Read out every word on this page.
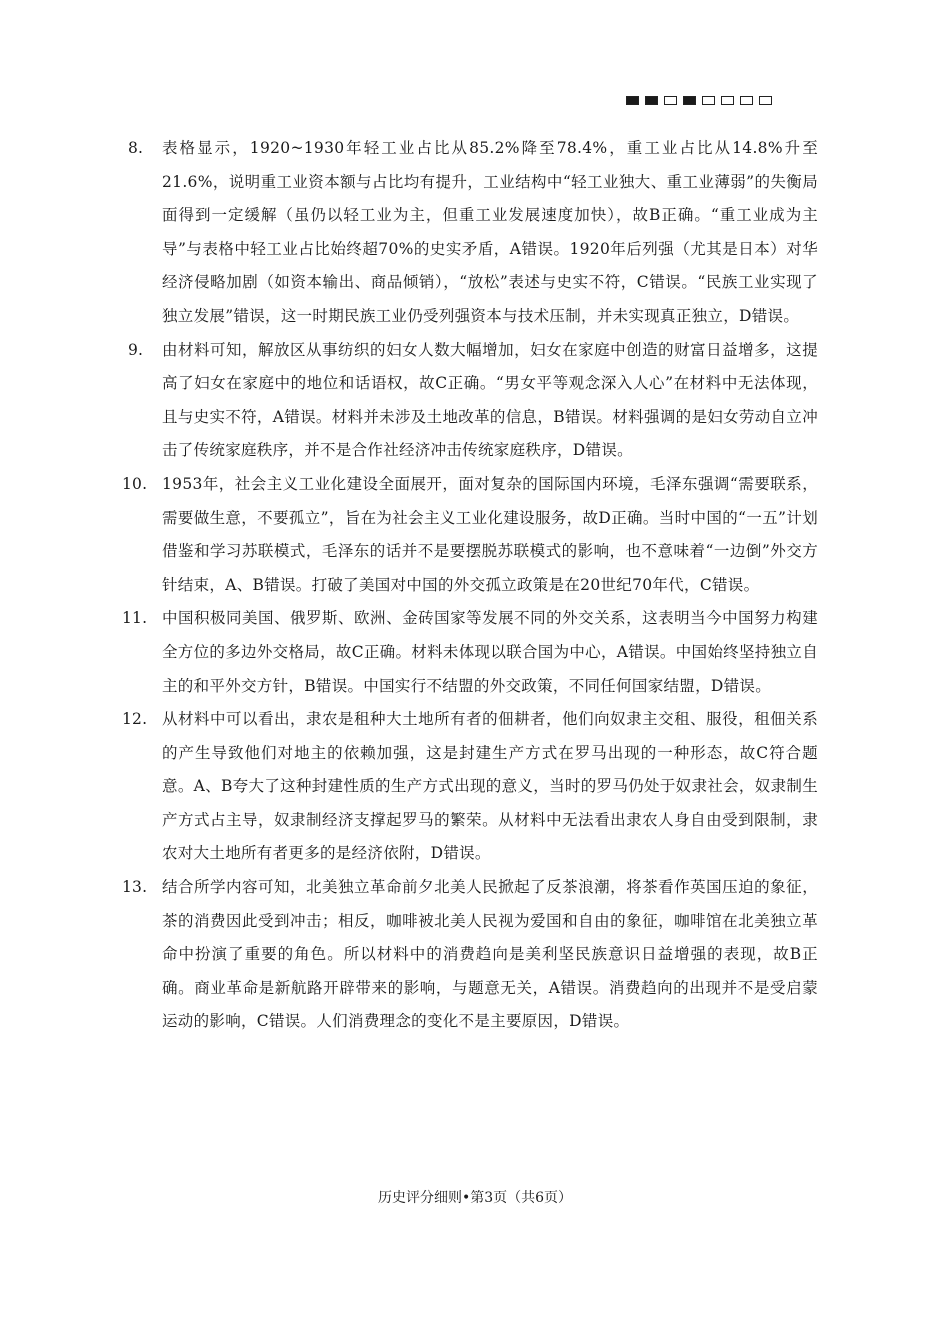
8.	表格显示，1920~1930年轻工业占比从85.2%降至78.4%，重工业占比从14.8%升至21.6%，说明重工业资本额与占比均有提升，工业结构中“轻工业独大、重工业薄弱”的失衡局面得到一定缓解（虽仍以轻工业为主，但重工业发展速度加快），故B正确。“重工业成为主导”与表格中轻工业占比始终超70%的史实矛盾，A错误。1920年后列强（尤其是日本）对华经济侵略加剧（如资本输出、商品倾销），“放松”表述与史实不符，C错误。“民族工业实现了独立发展”错误，这一时期民族工业仍受列强资本与技术压制，并未实现真正独立，D错误。
9.	由材料可知，解放区从事纺织的妇女人数大幅增加，妇女在家庭中创造的财富日益增多，这提高了妇女在家庭中的地位和话语权，故C正确。“男女平等观念深入人心”在材料中无法体现，且与史实不符，A错误。材料并未涉及土地改革的信息，B错误。材料强调的是妇女劳动自立冲击了传统家庭秩序，并不是合作社经济冲击传统家庭秩序，D错误。
10. 1953年，社会主义工业化建设全面展开，面对复杂的国际国内环境，毛泽东强调“需要联系，需要做生意，不要孤立”，旨在为社会主义工业化建设服务，故D正确。当时中国的“一五”计划借鉴和学习苏联模式，毛泽东的话并不是要摆脱苏联模式的影响，也不意味着“一边倒”外交方针结束，A、B错误。打破了美国对中国的外交孤立政策是在20世纪70年代，C错误。
11. 中国积极同美国、俄罗斯、欧洲、金砖国家等发展不同的外交关系，这表明当今中国努力构建全方位的多边外交格局，故C正确。材料未体现以联合国为中心，A错误。中国始终坚持独立自主的和平外交方针，B错误。中国实行不结盟的外交政策，不同任何国家结盟，D错误。
12. 从材料中可以看出，隶农是租种大土地所有者的佃耕者，他们向奴隶主交租、服役，租佃关系的产生导致他们对地主的依赖加强，这是封建生产方式在罗马出现的一种形态，故C符合题意。A、B夸大了这种封建性质的生产方式出现的意义，当时的罗马仍处于奴隶社会，奴隶制生产方式占主导，奴隶制经济支撑起罗马的繁荣。从材料中无法看出隶农人身自由受到限制，隶农对大土地所有者更多的是经济依附，D错误。
13. 结合所学内容可知，北美独立革命前夕北美人民掀起了反茶浪潮，将茶看作英国压迫的象征，茶的消费因此受到冲击；相反，咖啡被北美人民视为爱国和自由的象征，咖啡馆在北美独立革命中扮演了重要的角色。所以材料中的消费趋向是美利坚民族意识日益增强的表现，故B正确。商业革命是新航路开辟带来的影响，与题意无关，A错误。消费趋向的出现并不是受启蒙运动的影响，C错误。人们消费理念的变化不是主要原因，D错误。
历史评分细则•第3页（共6页）
